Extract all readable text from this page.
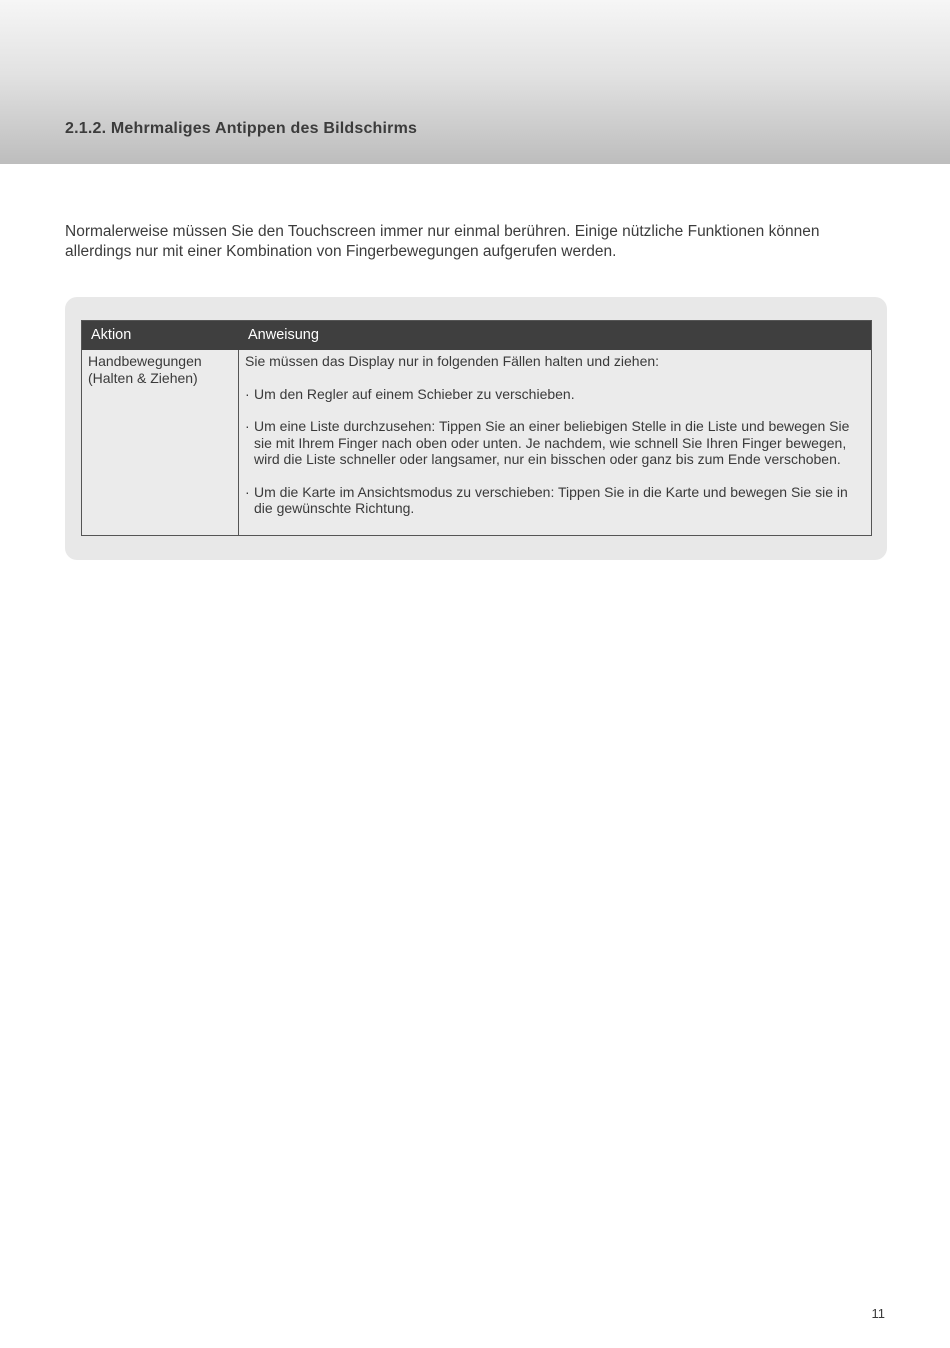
2.1.2. Mehrmaliges Antippen des Bildschirms

Normalerweise müssen Sie den Touchscreen immer nur einmal berühren. Einige nützliche Funktionen können allerdings nur mit einer Kombination von Fingerbewegungen aufgerufen werden.

Aktion	Anweisung
Handbewegungen (Halten & Ziehen)

Sie müssen das Display nur in folgenden Fällen halten und ziehen:

· Um den Regler auf einem Schieber zu verschieben.
· Um eine Liste durchzusehen: Tippen Sie an einer beliebigen Stelle in die Liste und bewegen Sie sie mit Ihrem Finger nach oben oder unten. Je nachdem, wie schnell Sie Ihren Finger bewegen, wird die Liste schneller oder langsamer, nur ein bisschen oder ganz bis zum Ende verschoben.
· Um die Karte im Ansichtsmodus zu verschieben: Tippen Sie in die Karte und bewegen Sie sie in die gewünschte Richtung.
11
